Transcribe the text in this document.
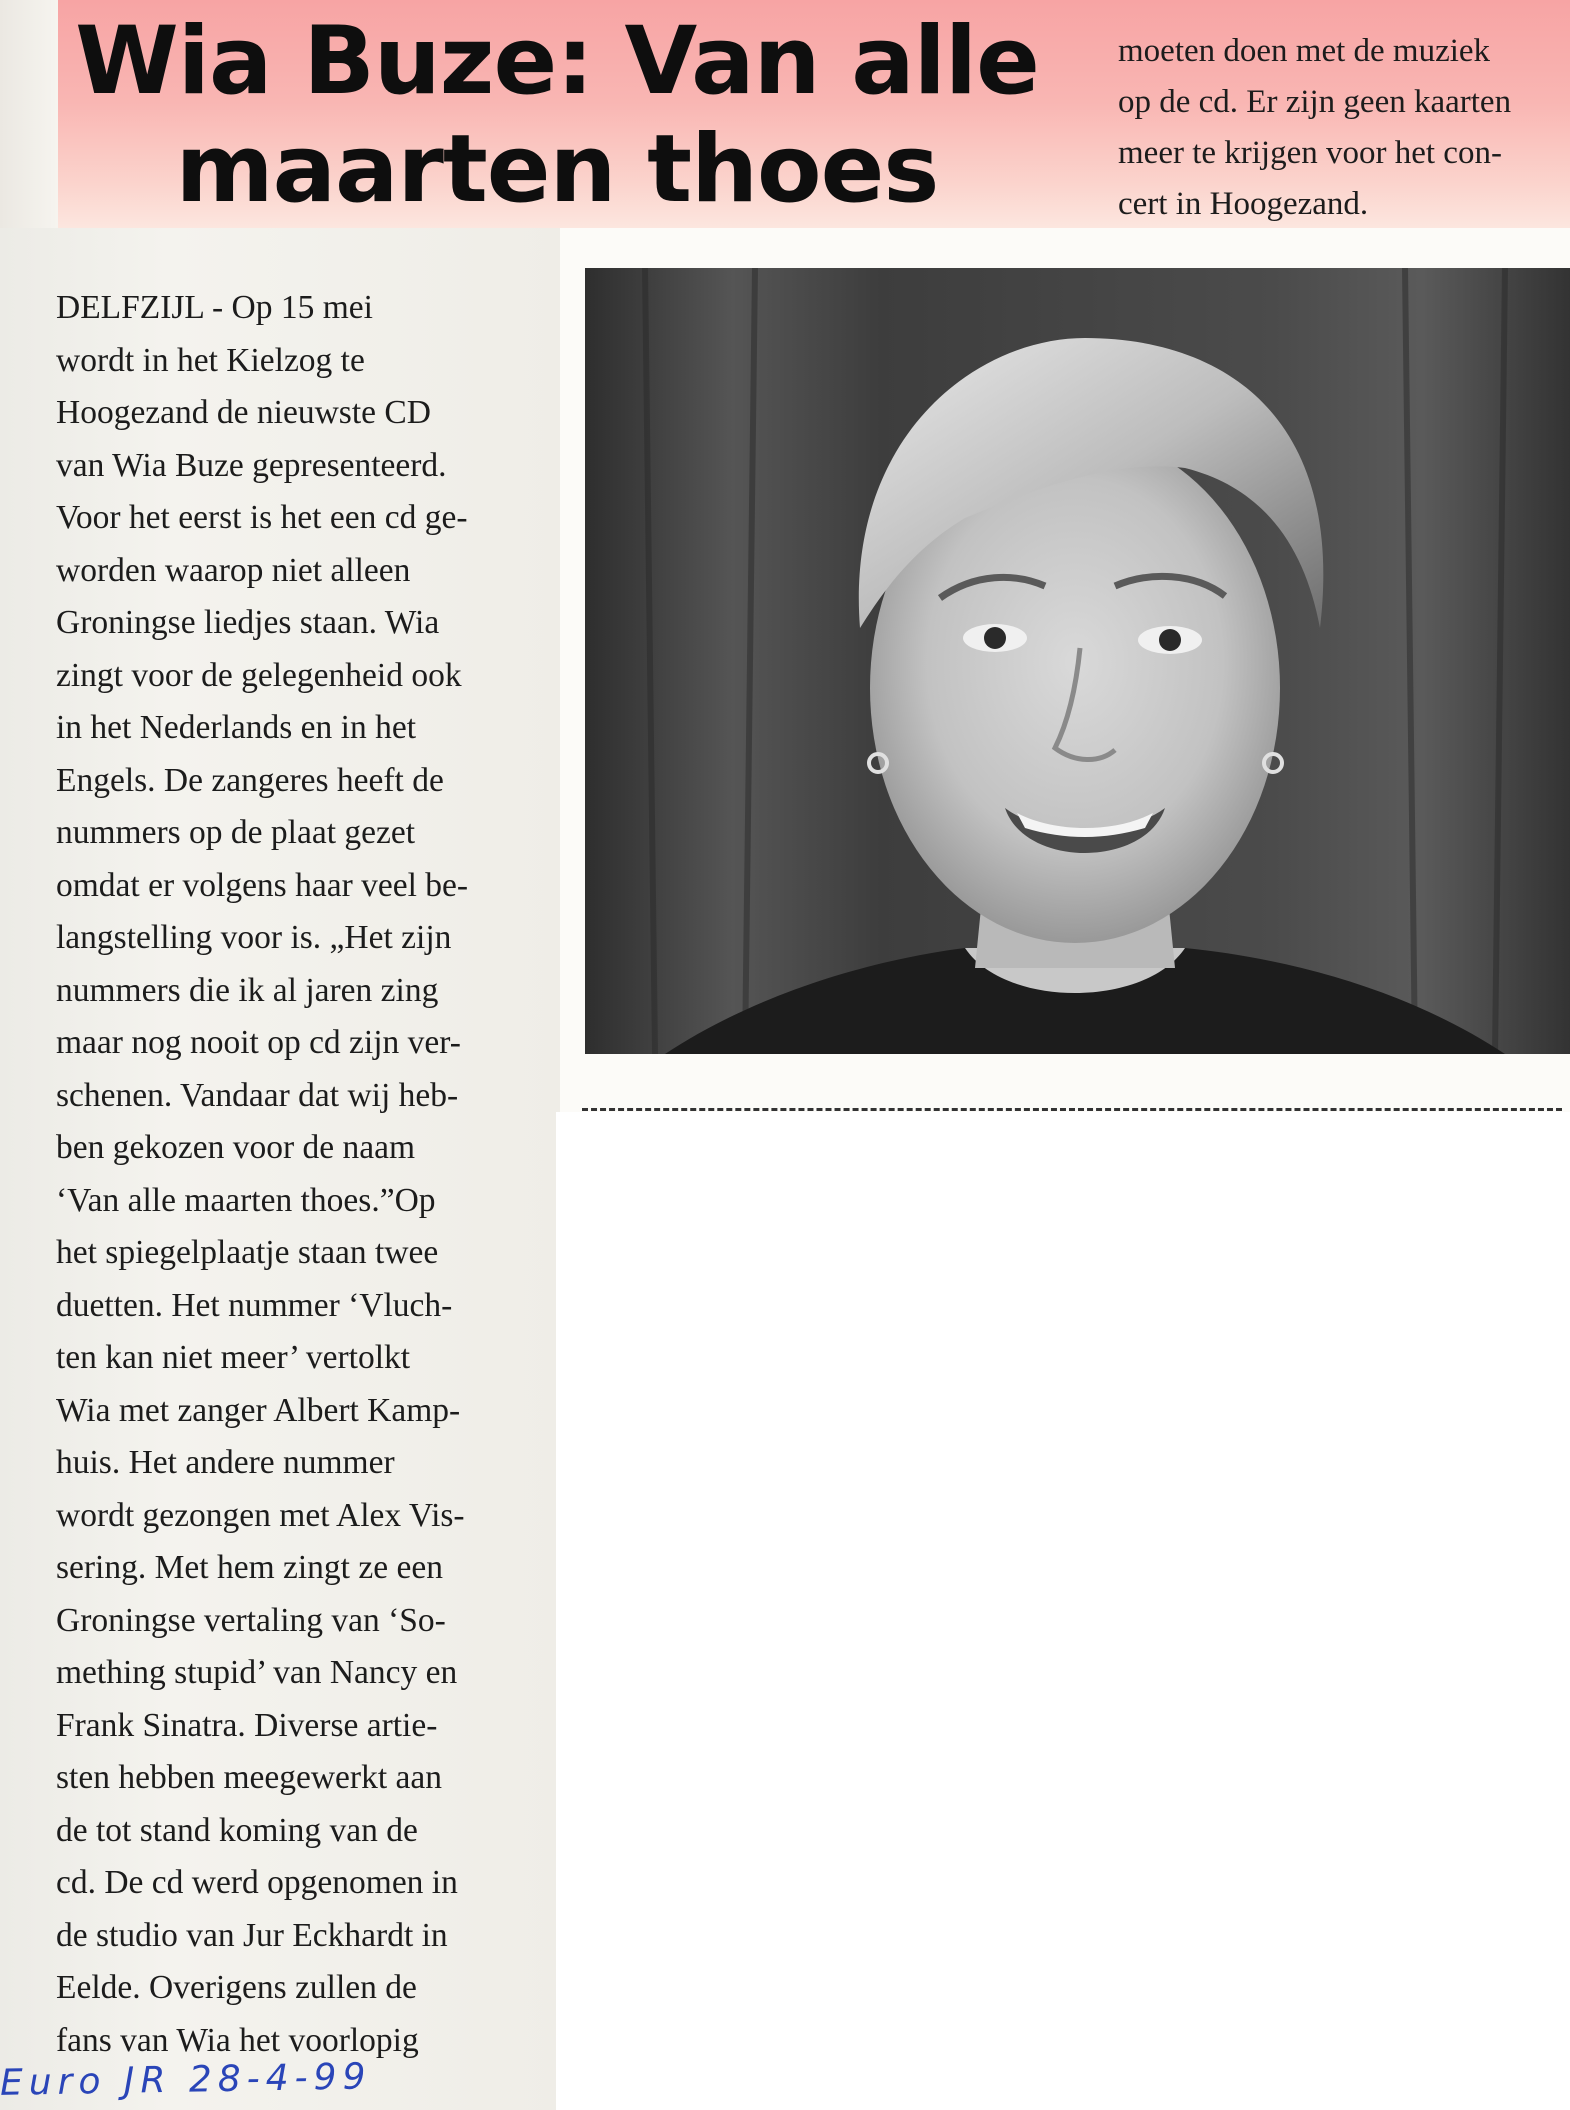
Wia Buze: Van alle maarten thoes

moeten doen met de muziek
op de cd. Er zijn geen kaarten
meer te krijgen voor het con-
cert in Hoogezand.

DELFZIJL - Op 15 mei
wordt in het Kielzog te
Hoogezand de nieuwste CD
van Wia Buze gepresenteerd.
Voor het eerst is het een cd ge-
worden waarop niet alleen
Groningse liedjes staan. Wia
zingt voor de gelegenheid ook
in het Nederlands en in het
Engels. De zangeres heeft de
nummers op de plaat gezet
omdat er volgens haar veel be-
langstelling voor is. „Het zijn
nummers die ik al jaren zing
maar nog nooit op cd zijn ver-
schenen. Vandaar dat wij heb-
ben gekozen voor de naam
‘Van alle maarten thoes.”Op
het spiegelplaatje staan twee
duetten. Het nummer ‘Vluch-
ten kan niet meer’ vertolkt
Wia met zanger Albert Kamp-
huis. Het andere nummer
wordt gezongen met Alex Vis-
sering. Met hem zingt ze een
Groningse vertaling van ‘So-
mething stupid’ van Nancy en
Frank Sinatra. Diverse artie-
sten hebben meegewerkt aan
de tot stand koming van de
cd. De cd werd opgenomen in
de studio van Jur Eckhardt in
Eelde. Overigens zullen de
fans van Wia het voorlopig

Euro JR 28-4-99
